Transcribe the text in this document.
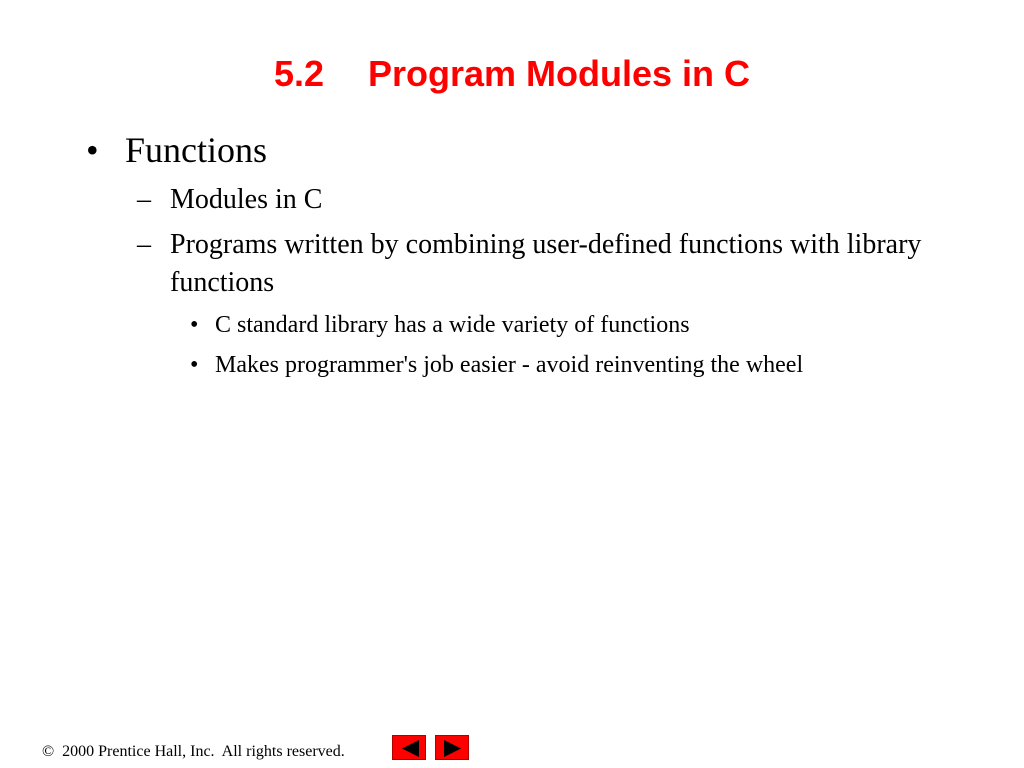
5.2 Program Modules in C
• Functions
– Modules in C
– Programs written by combining user-defined functions with library functions
• C standard library has a wide variety of functions
• Makes programmer's job easier - avoid reinventing the wheel
© 2000 Prentice Hall, Inc.  All rights reserved.
